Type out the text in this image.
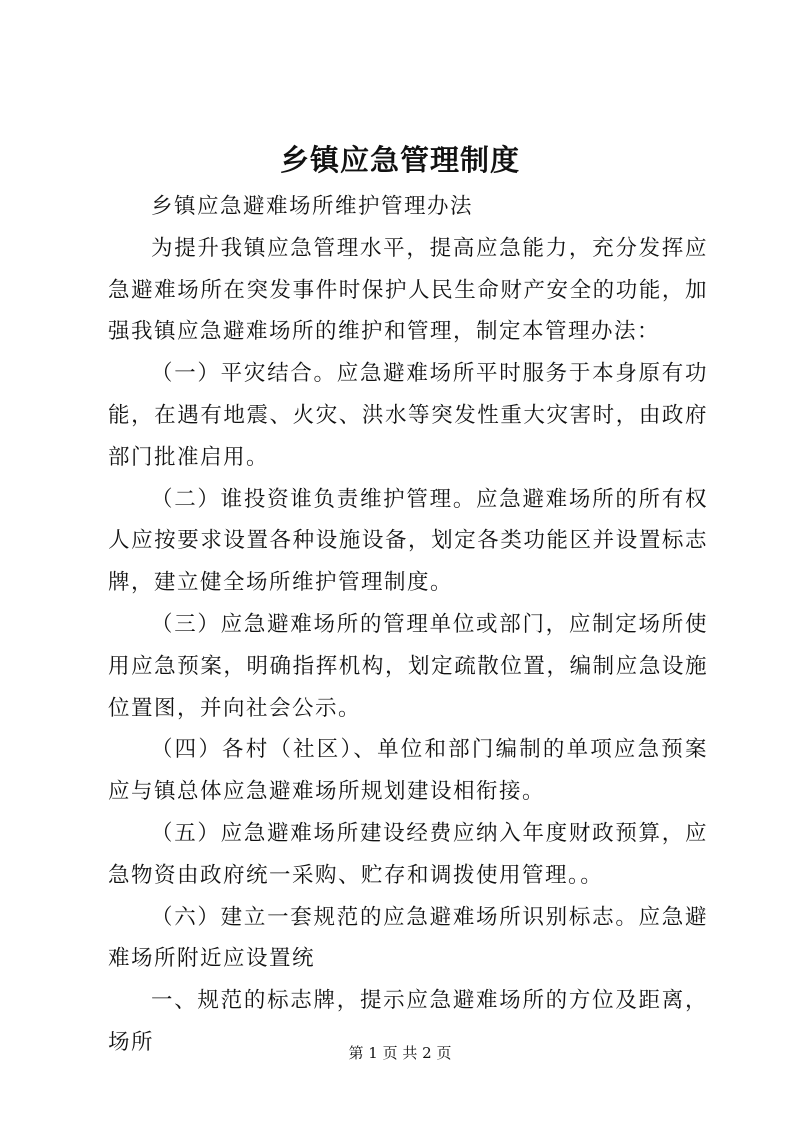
乡镇应急管理制度

乡镇应急避难场所维护管理办法

为提升我镇应急管理水平，提高应急能力，充分发挥应急避难场所在突发事件时保护人民生命财产安全的功能，加强我镇应急避难场所的维护和管理，制定本管理办法：

（一）平灾结合。应急避难场所平时服务于本身原有功能，在遇有地震、火灾、洪水等突发性重大灾害时，由政府部门批准启用。

（二）谁投资谁负责维护管理。应急避难场所的所有权人应按要求设置各种设施设备，划定各类功能区并设置标志牌，建立健全场所维护管理制度。

（三）应急避难场所的管理单位或部门，应制定场所使用应急预案，明确指挥机构，划定疏散位置，编制应急设施位置图，并向社会公示。

（四）各村（社区）、单位和部门编制的单项应急预案应与镇总体应急避难场所规划建设相衔接。

（五）应急避难场所建设经费应纳入年度财政预算，应急物资由政府统一采购、贮存和调拨使用管理。。

（六）建立一套规范的应急避难场所识别标志。应急避难场所附近应设置统

一、规范的标志牌，提示应急避难场所的方位及距离，场所	第 1 页 共 2 页
